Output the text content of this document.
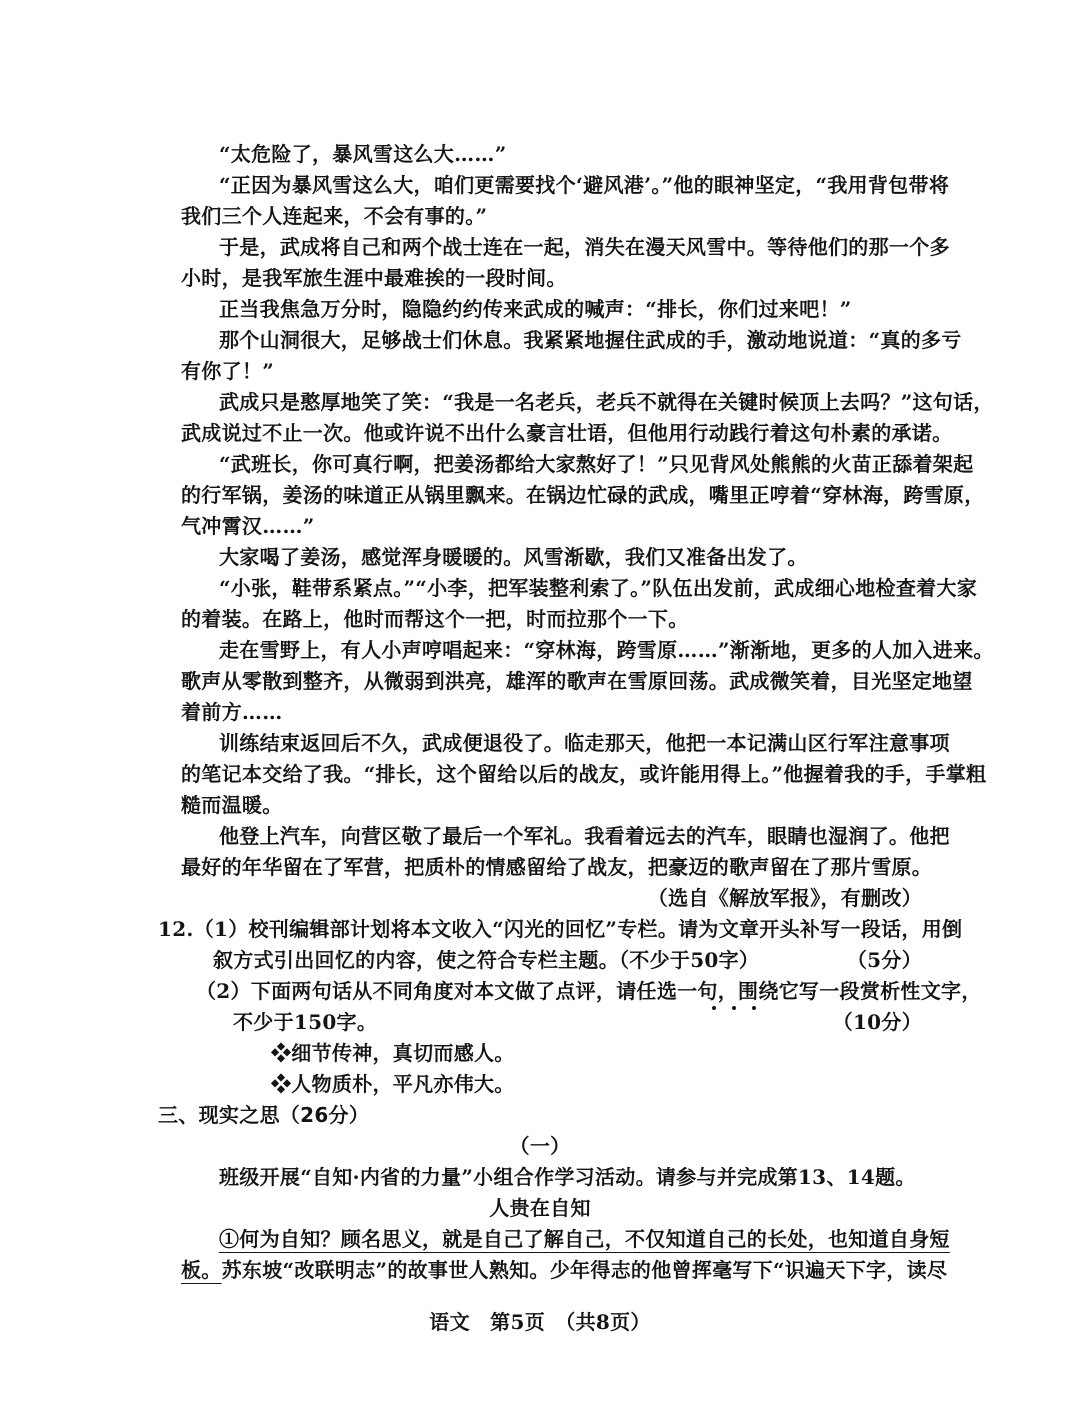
“太危险了，暴风雪这么大……”
“正因为暴风雪这么大，咱们更需要找个‘避风港’。”他的眼神坚定，“我用背包带将
我们三个人连起来，不会有事的。”
于是，武成将自己和两个战士连在一起，消失在漫天风雪中。等待他们的那一个多
小时，是我军旅生涯中最难挨的一段时间。
正当我焦急万分时，隐隐约约传来武成的喊声：“排长，你们过来吧！”
那个山洞很大，足够战士们休息。我紧紧地握住武成的手，激动地说道：“真的多亏
有你了！”
武成只是憨厚地笑了笑：“我是一名老兵，老兵不就得在关键时候顶上去吗？”这句话，
武成说过不止一次。他或许说不出什么豪言壮语，但他用行动践行着这句朴素的承诺。
“武班长，你可真行啊，把姜汤都给大家熬好了！”只见背风处熊熊的火苗正舔着架起
的行军锅，姜汤的味道正从锅里飘来。在锅边忙碌的武成，嘴里正哼着“穿林海，跨雪原，
气冲霄汉……”
大家喝了姜汤，感觉浑身暖暖的。风雪渐歇，我们又准备出发了。
“小张，鞋带系紧点。”“小李，把军装整利索了。”队伍出发前，武成细心地检查着大家
的着装。在路上，他时而帮这个一把，时而拉那个一下。
走在雪野上，有人小声哼唱起来：“穿林海，跨雪原……”渐渐地，更多的人加入进来。
歌声从零散到整齐，从微弱到洪亮，雄浑的歌声在雪原回荡。武成微笑着，目光坚定地望
着前方……
训练结束返回后不久，武成便退役了。临走那天，他把一本记满山区行军注意事项
的笔记本交给了我。“排长，这个留给以后的战友，或许能用得上。”他握着我的手，手掌粗
糙而温暖。
他登上汽车，向营区敬了最后一个军礼。我看着远去的汽车，眼睛也湿润了。他把
最好的年华留在了军营，把质朴的情感留给了战友，把豪迈的歌声留在了那片雪原。
（选自《解放军报》，有删改）
12.（1）校刊编辑部计划将本文收入“闪光的回忆”专栏。请为文章开头补写一段话，用倒
叙方式引出回忆的内容，使之符合专栏主题。（不少于50字）	（5分）
（2）下面两句话从不同角度对本文做了点评，请任选一句，围绕它写一段赏析性文字，
不少于150字。	（10分）
❖细节传神，真切而感人。
❖人物质朴，平凡亦伟大。
三、现实之思（26分）
（一）
班级开展“自知·内省的力量”小组合作学习活动。请参与并完成第13、14题。
人贵在自知
①何为自知？顾名思义，就是自己了解自己，不仅知道自己的长处，也知道自身短
板。苏东坡“改联明志”的故事世人熟知。少年得志的他曾挥毫写下“识遍天下字，读尽
语文　第5页　（共8页）
